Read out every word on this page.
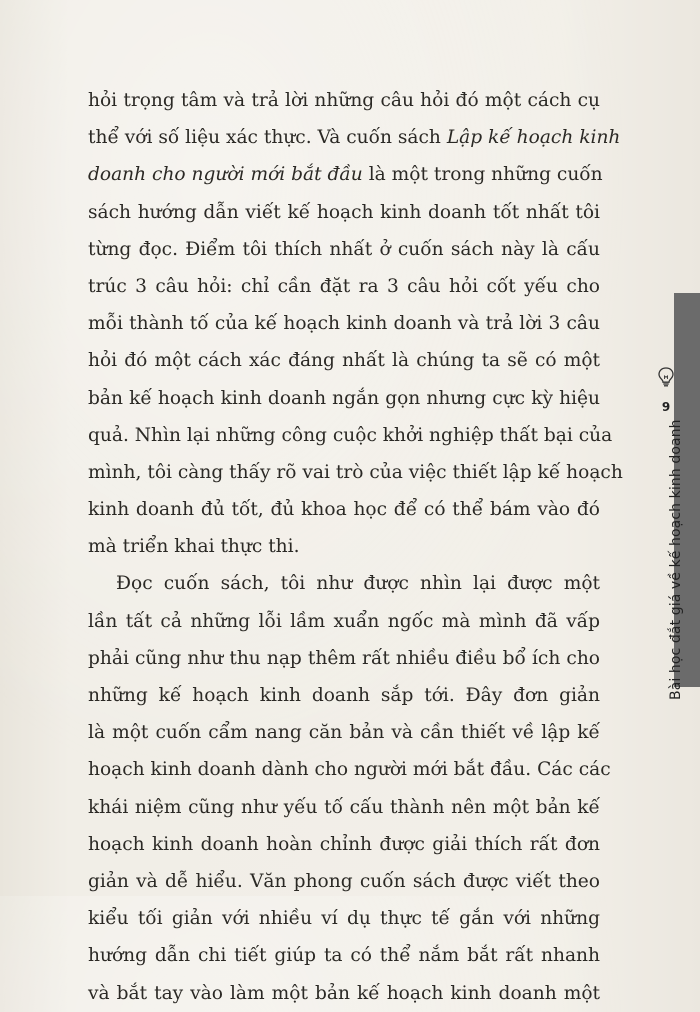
hỏi trọng tâm và trả lời những câu hỏi đó một cách cụ
thể với số liệu xác thực. Và cuốn sách Lập kế hoạch kinh
doanh cho người mới bắt đầu là một trong những cuốn
sách hướng dẫn viết kế hoạch kinh doanh tốt nhất tôi
từng đọc. Điểm tôi thích nhất ở cuốn sách này là cấu
trúc 3 câu hỏi: chỉ cần đặt ra 3 câu hỏi cốt yếu cho
mỗi thành tố của kế hoạch kinh doanh và trả lời 3 câu
hỏi đó một cách xác đáng nhất là chúng ta sẽ có một
bản kế hoạch kinh doanh ngắn gọn nhưng cực kỳ hiệu
quả. Nhìn lại những công cuộc khởi nghiệp thất bại của
mình, tôi càng thấy rõ vai trò của việc thiết lập kế hoạch
kinh doanh đủ tốt, đủ khoa học để có thể bám vào đó
mà triển khai thực thi.
Đọc cuốn sách, tôi như được nhìn lại được một
lần tất cả những lỗi lầm xuẩn ngốc mà mình đã vấp
phải cũng như thu nạp thêm rất nhiều điều bổ ích cho
những kế hoạch kinh doanh sắp tới. Đây đơn giản
là một cuốn cẩm nang căn bản và cần thiết về lập kế
hoạch kinh doanh dành cho người mới bắt đầu. Các các
khái niệm cũng như yếu tố cấu thành nên một bản kế
hoạch kinh doanh hoàn chỉnh được giải thích rất đơn
giản và dễ hiểu. Văn phong cuốn sách được viết theo
kiểu tối giản với nhiều ví dụ thực tế gắn với những
hướng dẫn chi tiết giúp ta có thể nắm bắt rất nhanh
và bắt tay vào làm một bản kế hoạch kinh doanh một
9
Bài học đắt giá về kế hoạch kinh doanh
